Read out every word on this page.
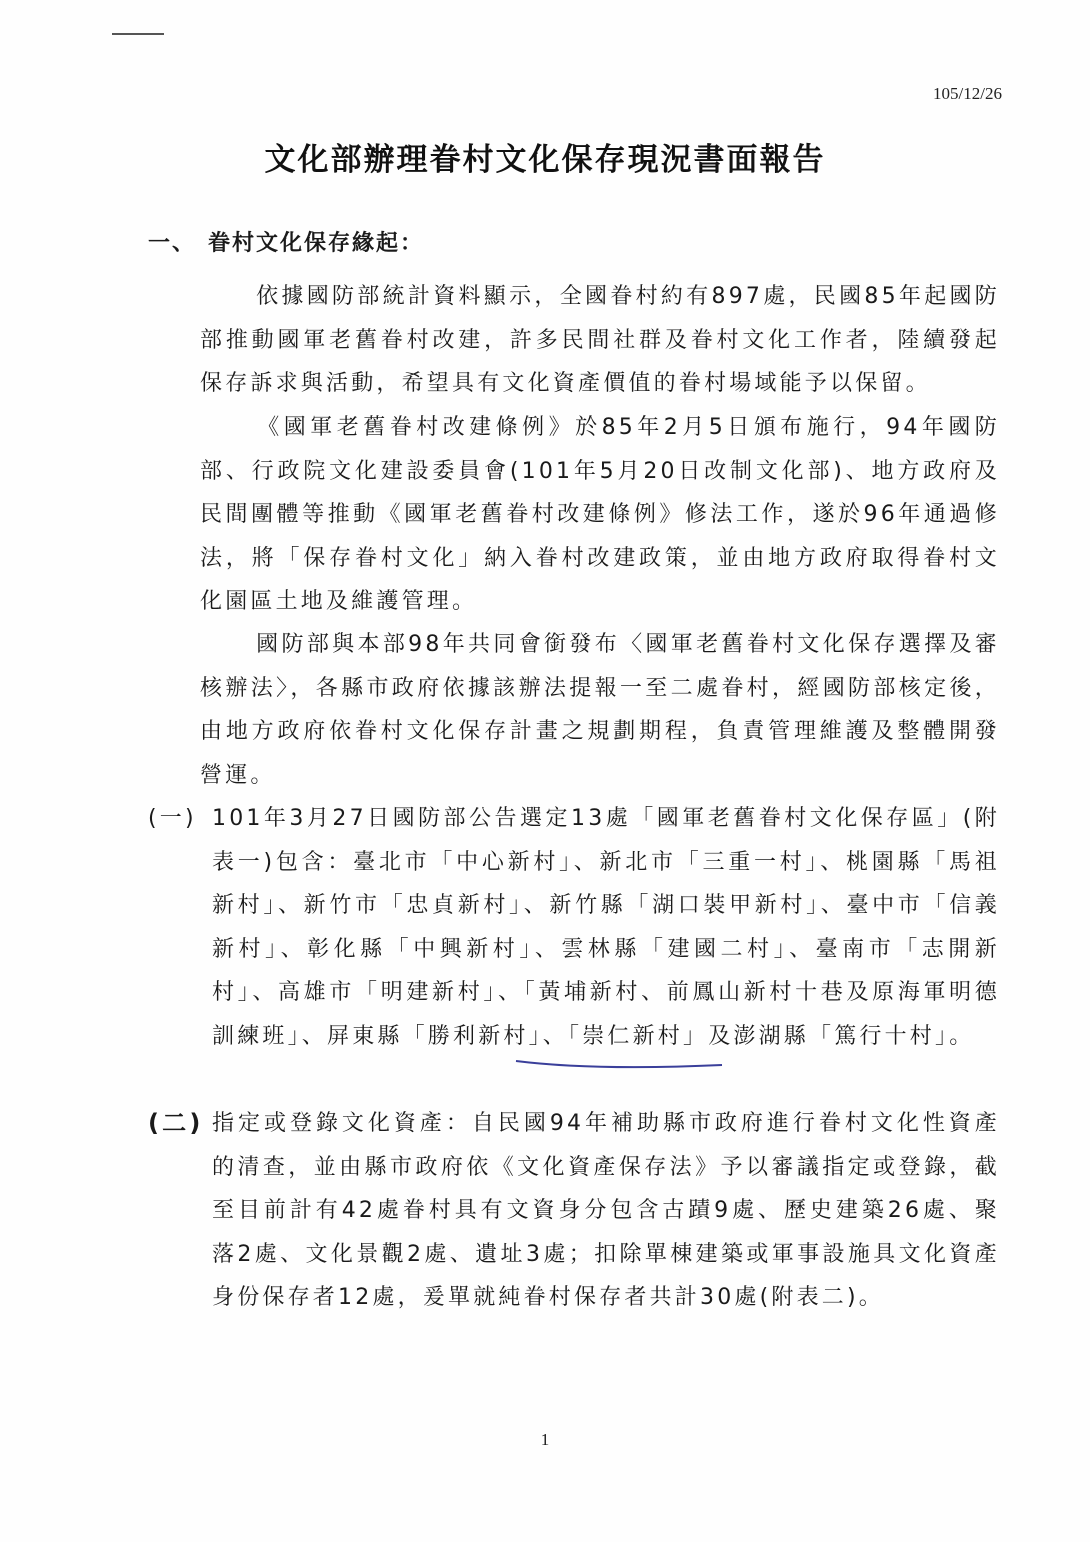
105/12/26
文化部辦理眷村文化保存現況書面報告
一、 眷村文化保存緣起：
依據國防部統計資料顯示，全國眷村約有897處，民國85年起國防部推動國軍老舊眷村改建，許多民間社群及眷村文化工作者，陸續發起保存訴求與活動，希望具有文化資產價值的眷村場域能予以保留。
《國軍老舊眷村改建條例》於85年2月5日頒布施行，94年國防部、行政院文化建設委員會(101年5月20日改制文化部)、地方政府及民間團體等推動《國軍老舊眷村改建條例》修法工作，遂於96年通過修法，將「保存眷村文化」納入眷村改建政策，並由地方政府取得眷村文化園區土地及維護管理。
國防部與本部98年共同會銜發布〈國軍老舊眷村文化保存選擇及審核辦法〉，各縣市政府依據該辦法提報一至二處眷村，經國防部核定後，由地方政府依眷村文化保存計畫之規劃期程，負責管理維護及整體開發營運。
(一) 101年3月27日國防部公告選定13處「國軍老舊眷村文化保存區」(附表一)包含：臺北市「中心新村」、新北市「三重一村」、桃園縣「馬祖新村」、新竹市「忠貞新村」、新竹縣「湖口裝甲新村」、臺中市「信義新村」、彰化縣「中興新村」、雲林縣「建國二村」、臺南市「志開新村」、高雄市「明建新村」、「黃埔新村、前鳳山新村十巷及原海軍明德訓練班」、屏東縣「勝利新村」、「崇仁新村」及澎湖縣「篤行十村」。
(二) 指定或登錄文化資產：自民國94年補助縣市政府進行眷村文化性資產的清查，並由縣市政府依《文化資產保存法》予以審議指定或登錄，截至目前計有42處眷村具有文資身分包含古蹟9處、歷史建築26處、聚落2處、文化景觀2處、遺址3處；扣除單棟建築或軍事設施具文化資產身份保存者12處，爰單就純眷村保存者共計30處(附表二)。
1
